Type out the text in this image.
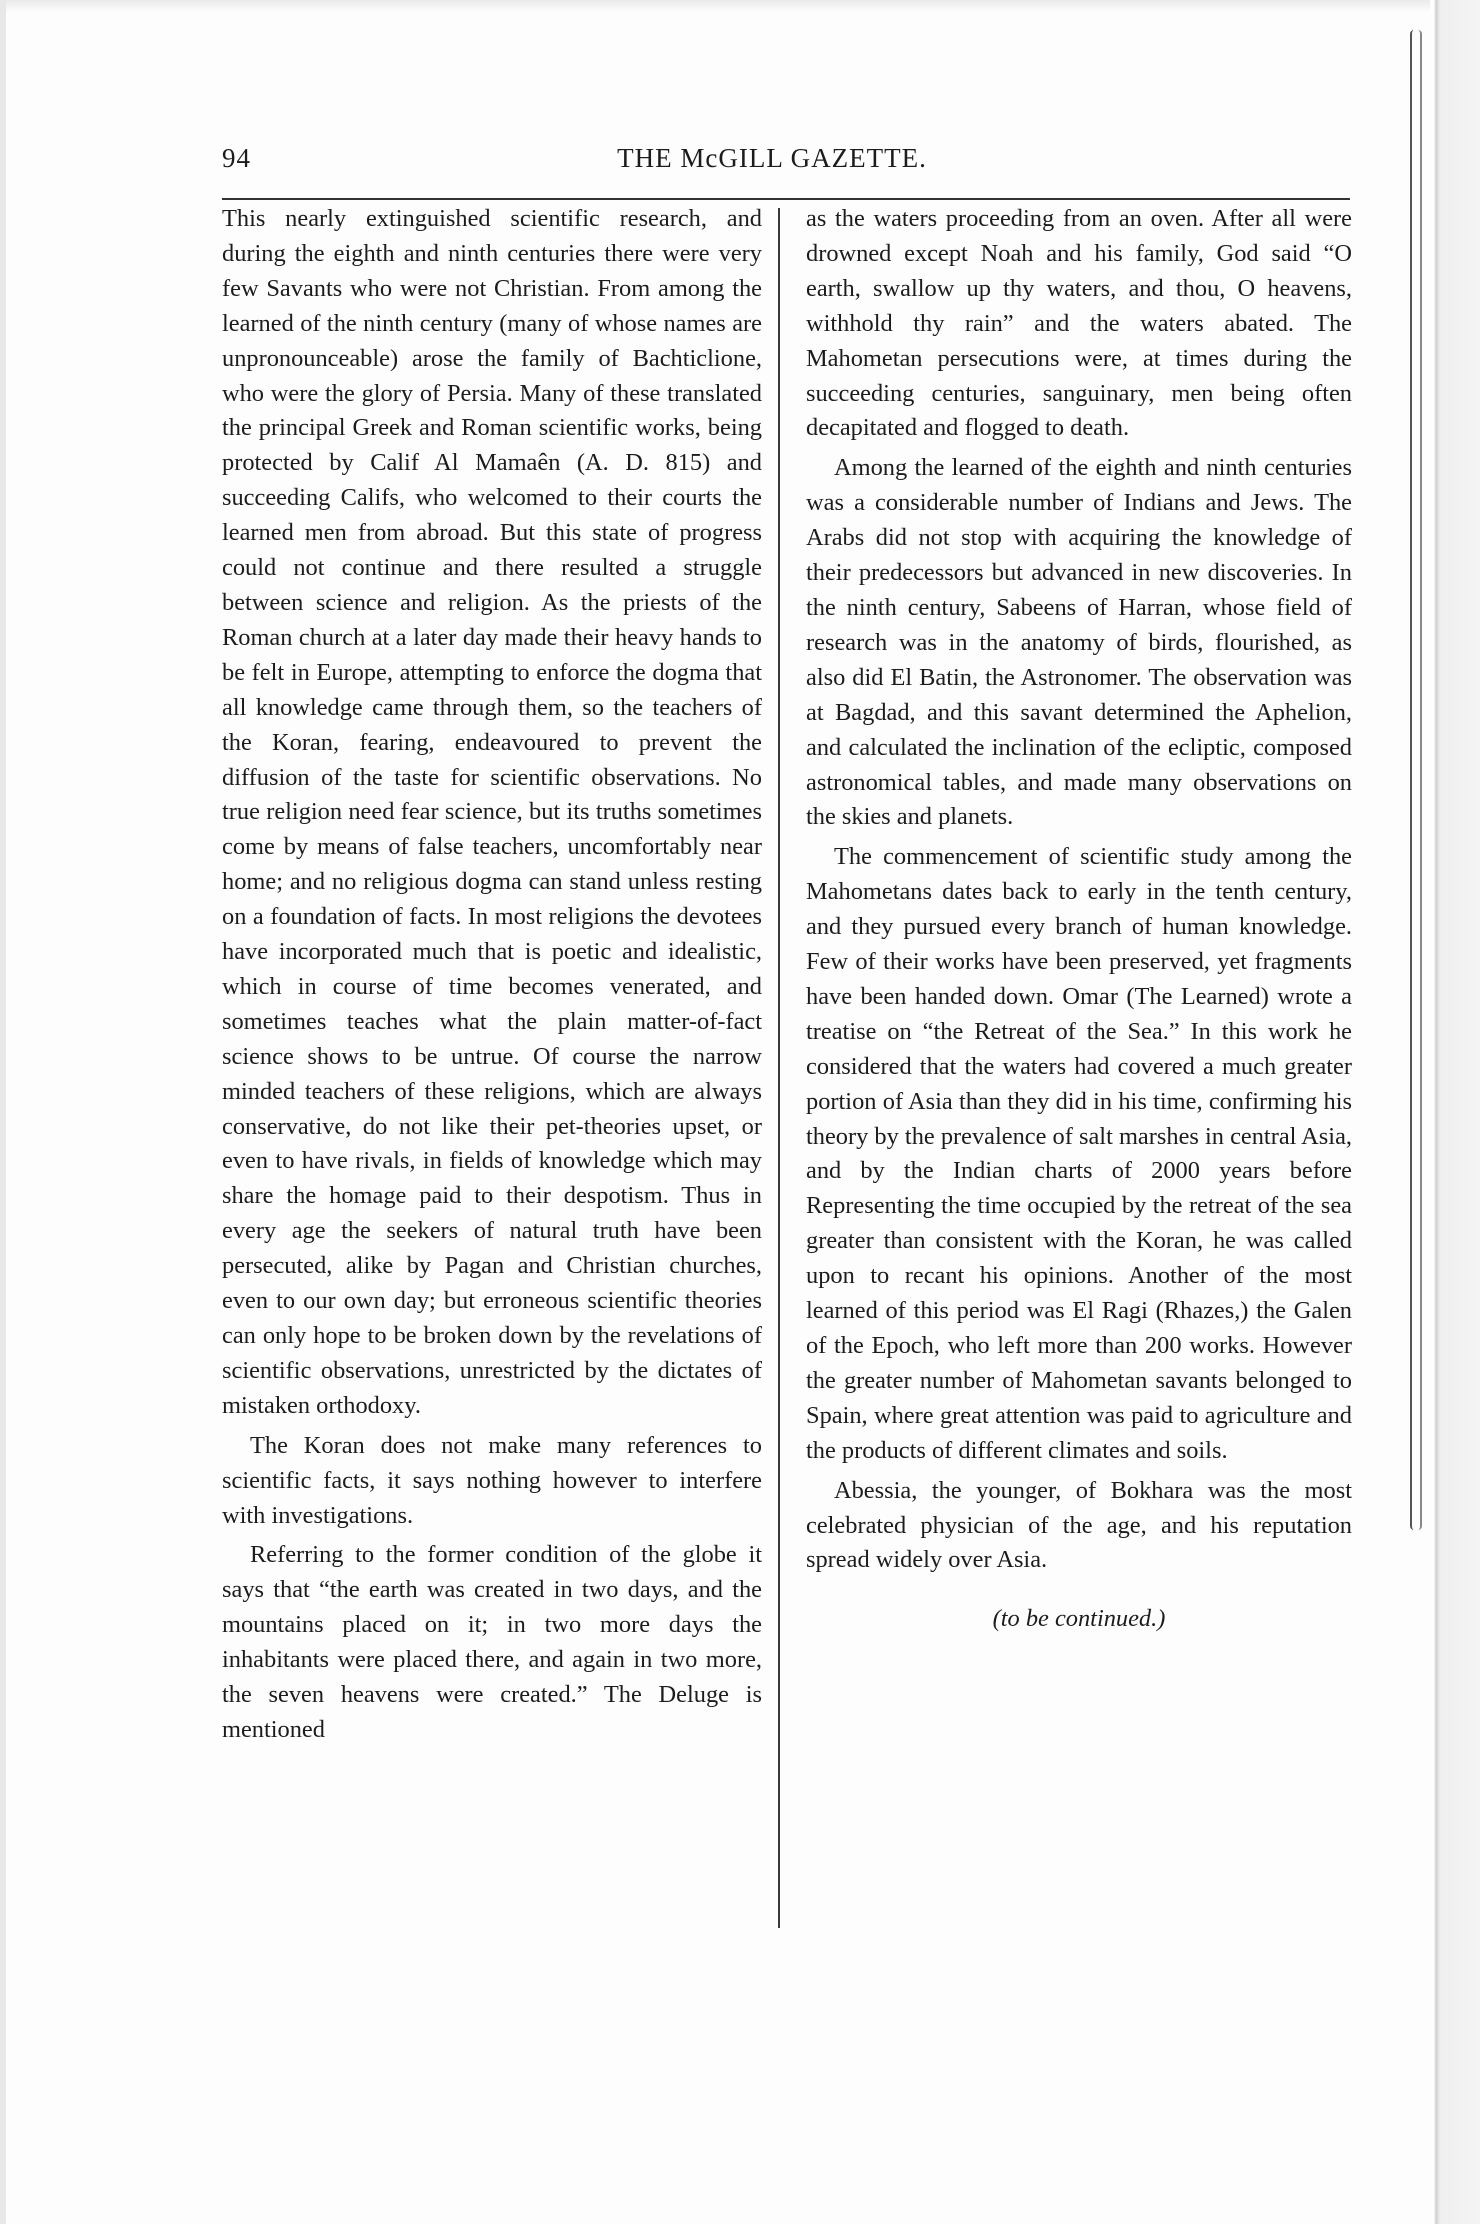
94	THE McGILL GAZETTE.

This nearly extinguished scientific research, and during the eighth and ninth centuries there were very few Savants who were not Christian. From among the learned of the ninth century (many of whose names are unpronounceable) arose the family of Bachticlione, who were the glory of Persia. Many of these translated the principal Greek and Roman scientific works, being protected by Calif Al Mamaên (A. D. 815) and succeeding Califs, who welcomed to their courts the learned men from abroad. But this state of progress could not continue and there resulted a struggle between science and religion. As the priests of the Roman church at a later day made their heavy hands to be felt in Europe, attempting to enforce the dogma that all knowledge came through them, so the teachers of the Koran, fearing, endeavoured to prevent the diffusion of the taste for scientific observations. No true religion need fear science, but its truths sometimes come by means of false teachers, uncomfortably near home; and no religious dogma can stand unless resting on a foundation of facts. In most religions the devotees have incorporated much that is poetic and idealistic, which in course of time becomes venerated, and sometimes teaches what the plain matter-of-fact science shows to be untrue. Of course the narrow minded teachers of these religions, which are always conservative, do not like their pet-theories upset, or even to have rivals, in fields of knowledge which may share the homage paid to their despotism. Thus in every age the seekers of natural truth have been persecuted, alike by Pagan and Christian churches, even to our own day; but erroneous scientific theories can only hope to be broken down by the revelations of scientific observations, unrestricted by the dictates of mistaken orthodoxy.

The Koran does not make many references to scientific facts, it says nothing however to interfere with investigations.

Referring to the former condition of the globe it says that “the earth was created in two days, and the mountains placed on it; in two more days the inhabitants were placed there, and again in two more, the seven heavens were created.” The Deluge is mentioned

as the waters proceeding from an oven. After all were drowned except Noah and his family, God said “O earth, swallow up thy waters, and thou, O heavens, withhold thy rain” and the waters abated. The Mahometan persecutions were, at times during the succeeding centuries, sanguinary, men being often decapitated and flogged to death.

Among the learned of the eighth and ninth centuries was a considerable number of Indians and Jews. The Arabs did not stop with acquiring the knowledge of their predecessors but advanced in new discoveries. In the ninth century, Sabeens of Harran, whose field of research was in the anatomy of birds, flourished, as also did El Batin, the Astronomer. The observation was at Bagdad, and this savant determined the Aphelion, and calculated the inclination of the ecliptic, composed astronomical tables, and made many observations on the skies and planets.

The commencement of scientific study among the Mahometans dates back to early in the tenth century, and they pursued every branch of human knowledge. Few of their works have been preserved, yet fragments have been handed down. Omar (The Learned) wrote a treatise on “the Retreat of the Sea.” In this work he considered that the waters had covered a much greater portion of Asia than they did in his time, confirming his theory by the prevalence of salt marshes in central Asia, and by the Indian charts of 2000 years before Representing the time occupied by the retreat of the sea greater than consistent with the Koran, he was called upon to recant his opinions. Another of the most learned of this period was El Ragi (Rhazes,) the Galen of the Epoch, who left more than 200 works. However the greater number of Mahometan savants belonged to Spain, where great attention was paid to agriculture and the products of different climates and soils.

Abessia, the younger, of Bokhara was the most celebrated physician of the age, and his reputation spread widely over Asia.

(to be continued.)
